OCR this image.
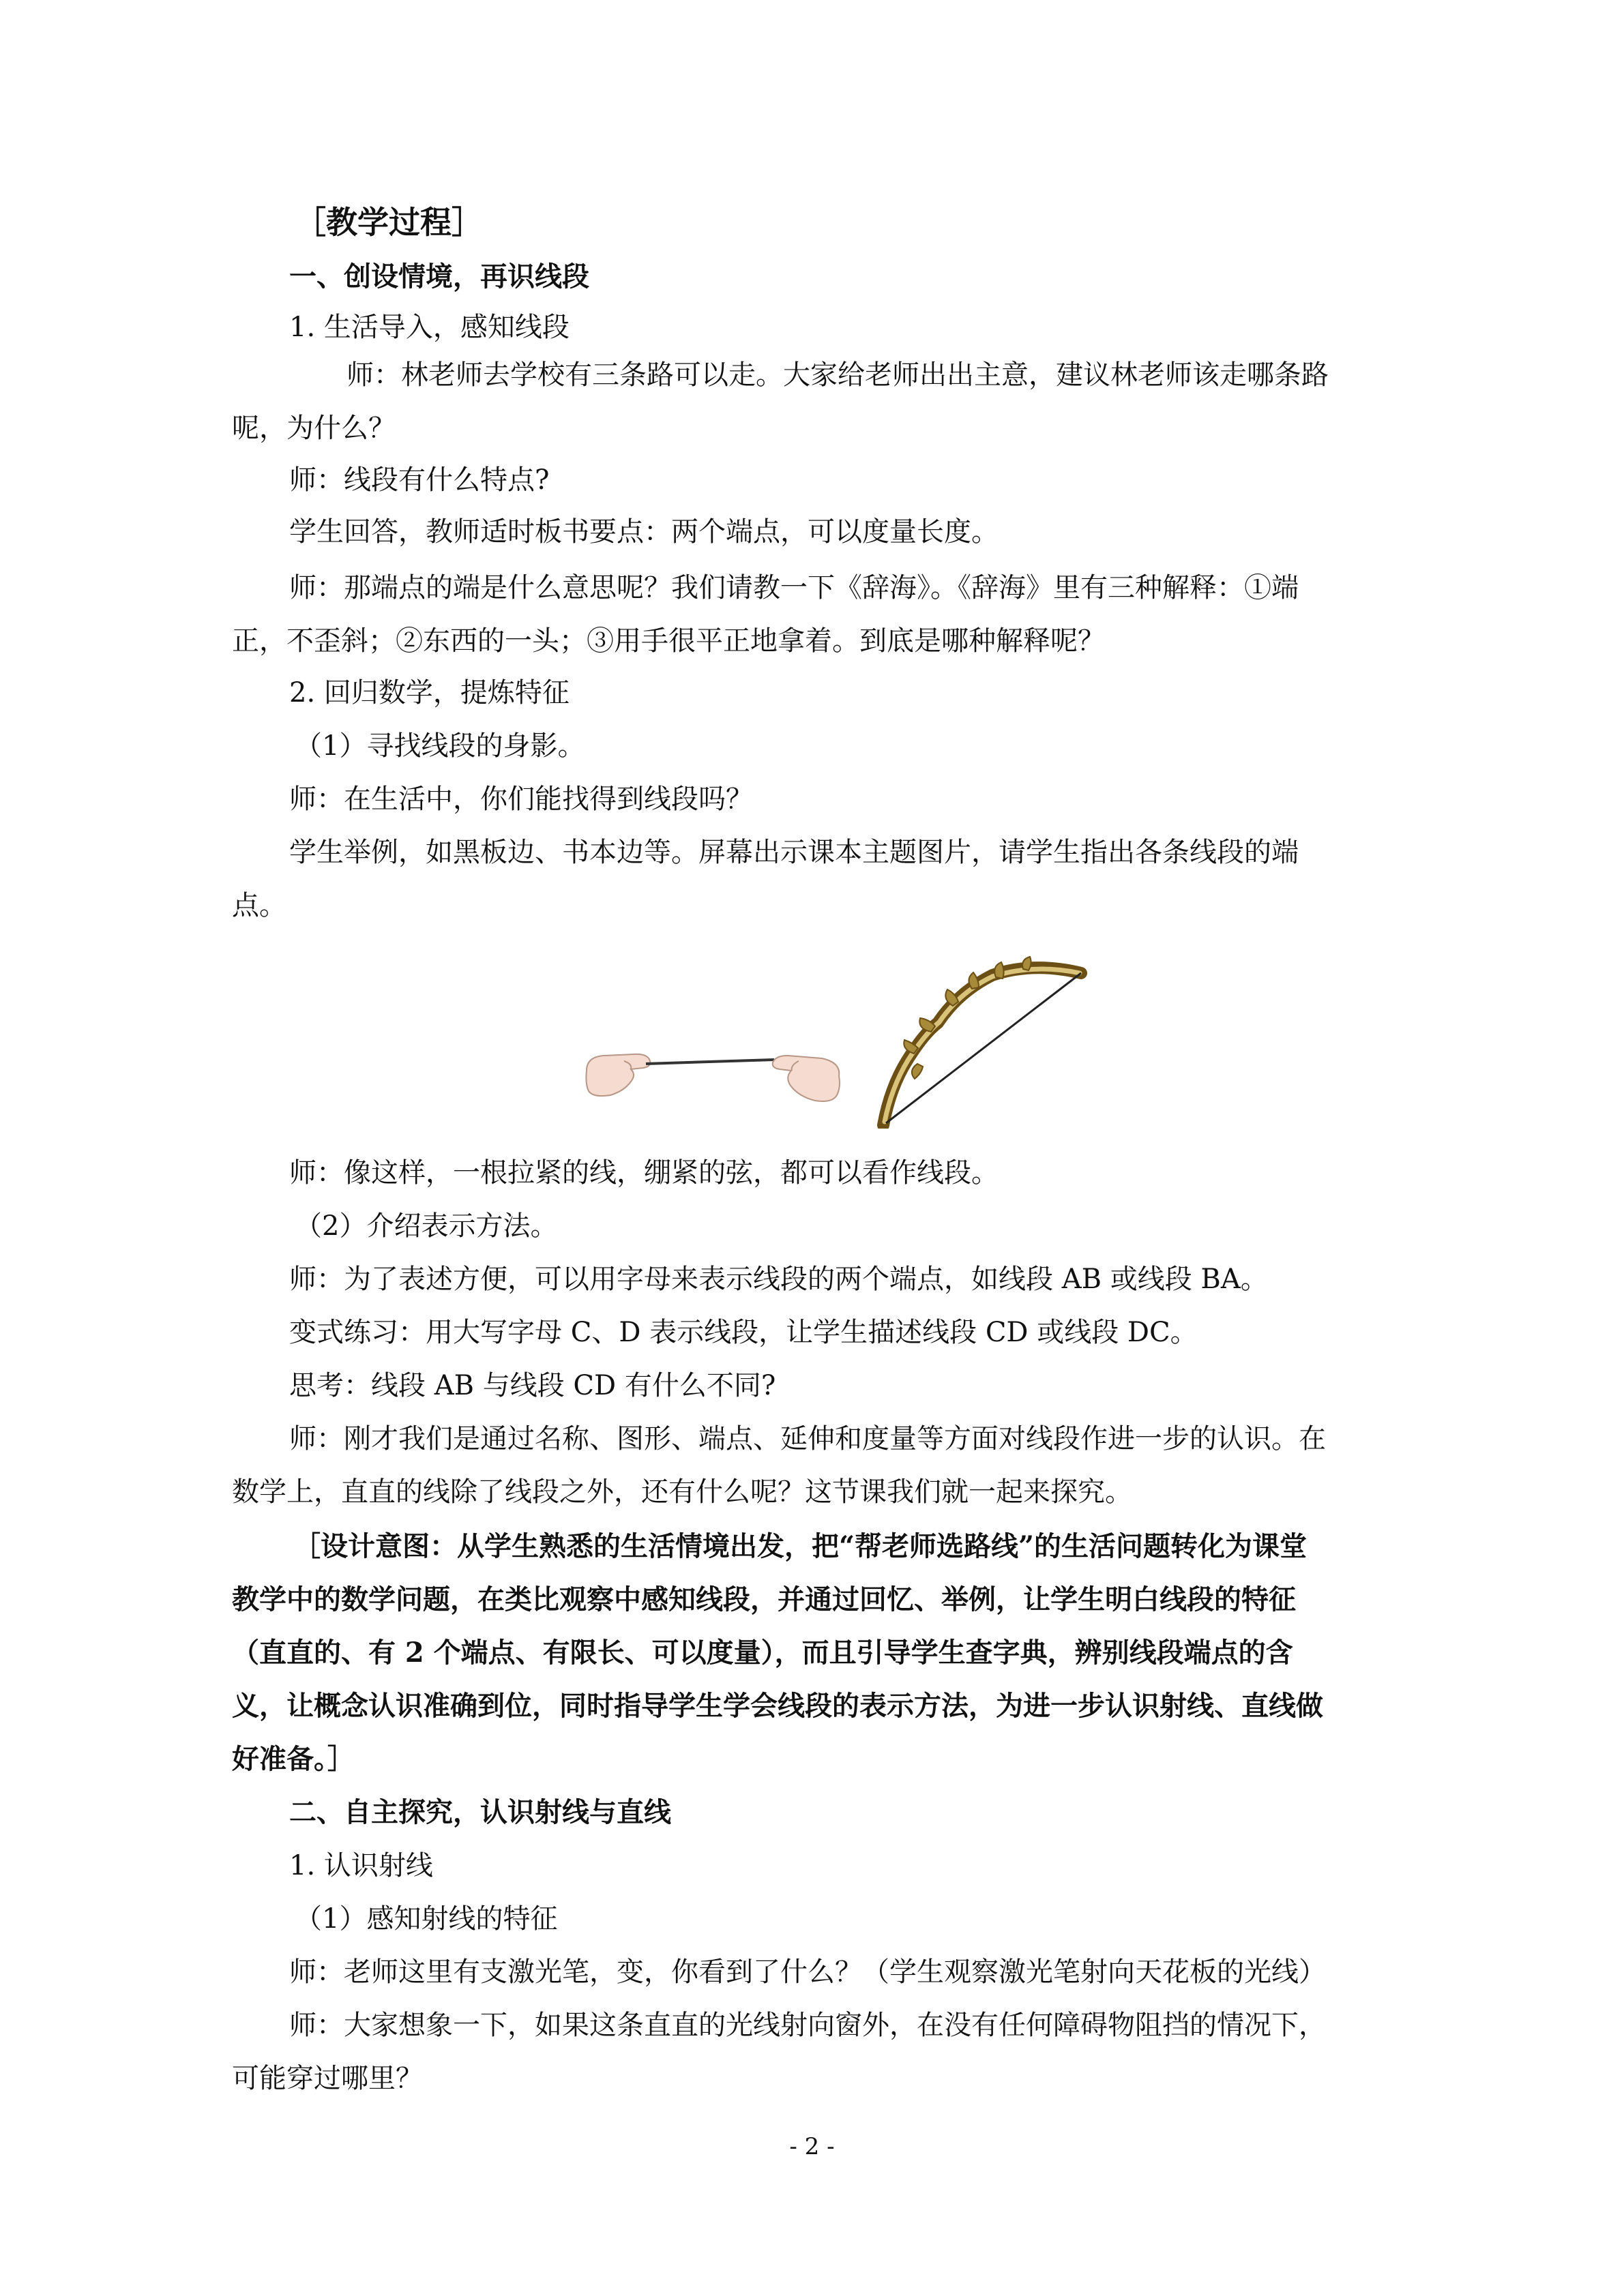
［教学过程］
一、创设情境，再识线段
1. 生活导入，感知线段
师：林老师去学校有三条路可以走。大家给老师出出主意，建议林老师该走哪条路
呢，为什么？
师：线段有什么特点?
学生回答，教师适时板书要点：两个端点，可以度量长度。
师：那端点的端是什么意思呢？我们请教一下《辞海》。《辞海》里有三种解释：①端
正，不歪斜；②东西的一头；③用手很平正地拿着。到底是哪种解释呢？
2. 回归数学，提炼特征
（1）寻找线段的身影。
师：在生活中，你们能找得到线段吗？
学生举例，如黑板边、书本边等。屏幕出示课本主题图片，请学生指出各条线段的端
点。
师：像这样，一根拉紧的线，绷紧的弦，都可以看作线段。
（2）介绍表示方法。
师：为了表述方便，可以用字母来表示线段的两个端点，如线段 AB 或线段 BA。
变式练习：用大写字母 C、D 表示线段，让学生描述线段 CD 或线段 DC。
思考：线段 AB 与线段 CD 有什么不同?
师：刚才我们是通过名称、图形、端点、延伸和度量等方面对线段作进一步的认识。在
数学上，直直的线除了线段之外，还有什么呢？这节课我们就一起来探究。
［设计意图：从学生熟悉的生活情境出发，把“帮老师选路线”的生活问题转化为课堂
教学中的数学问题，在类比观察中感知线段，并通过回忆、举例，让学生明白线段的特征
（直直的、有 2 个端点、有限长、可以度量），而且引导学生查字典，辨别线段端点的含
义，让概念认识准确到位，同时指导学生学会线段的表示方法，为进一步认识射线、直线做
好准备。］
二、自主探究，认识射线与直线
1. 认识射线
（1）感知射线的特征
师：老师这里有支激光笔，变，你看到了什么？（学生观察激光笔射向天花板的光线）
师：大家想象一下，如果这条直直的光线射向窗外，在没有任何障碍物阻挡的情况下，
可能穿过哪里？
- 2 -
